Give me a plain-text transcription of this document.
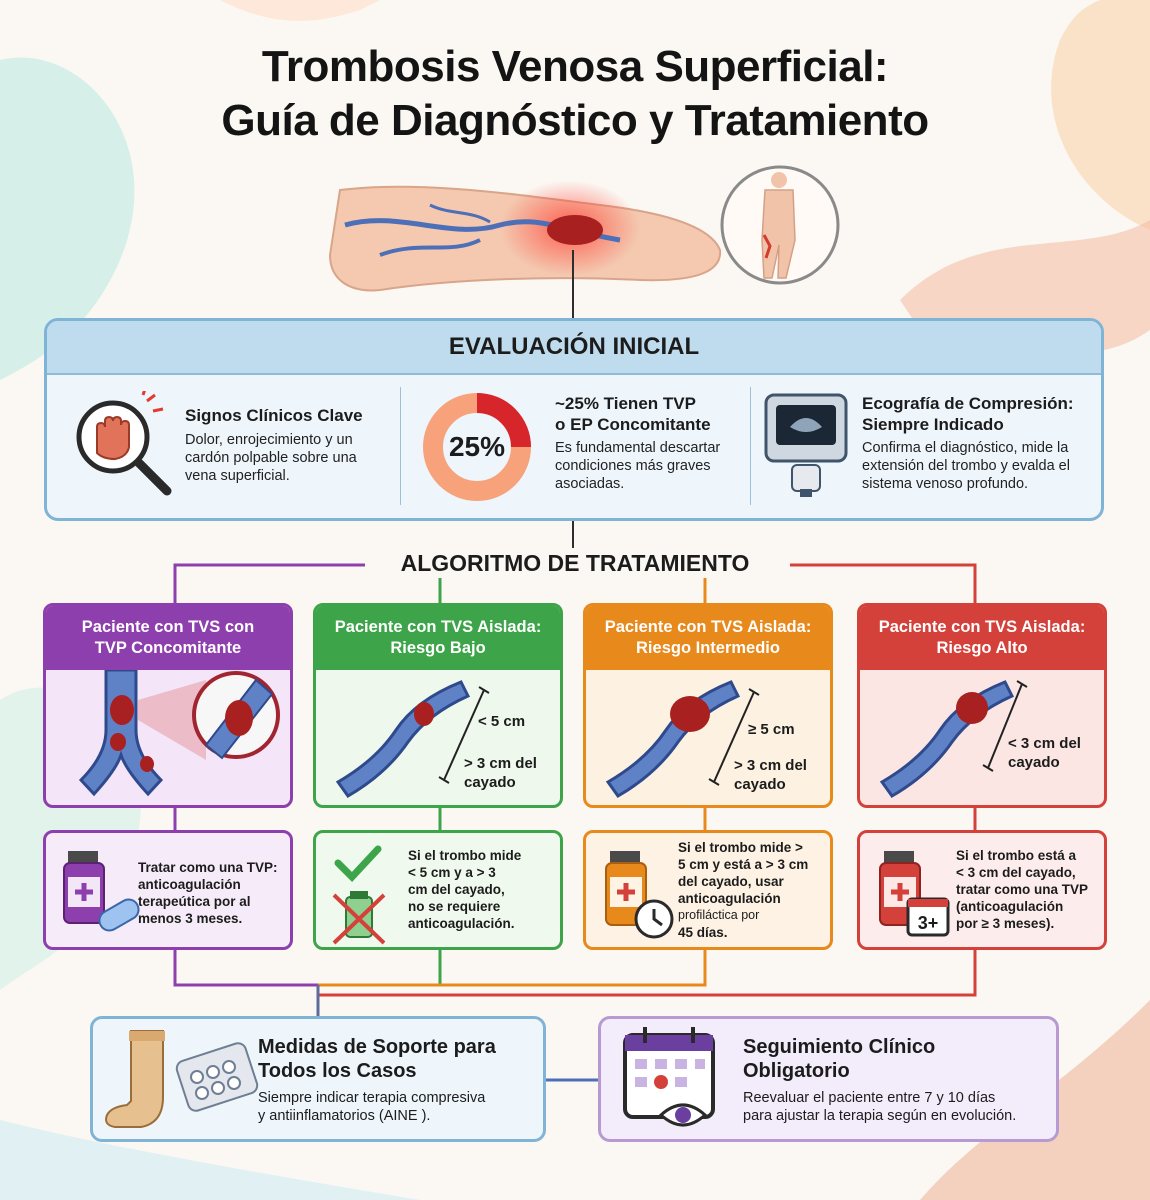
Trombosis Venosa Superficial:
Guía de Diagnóstico y Tratamiento
EVALUACIÓN INICIAL
Signos Clínicos Clave
Dolor, enrojecimiento y un
cardón polpable sobre una
vena superficial.
25%
~25% Tienen TVP
o EP Concomitante
Es fundamental descartar
condiciones más graves
asociadas.
Ecografía de Compresión:
Siempre Indicado
Confirma el diagnóstico, mide la
extensión del trombo y evalda el
sistema venoso profundo.
ALGORITMO DE TRATAMIENTO
Paciente con TVS con
TVP Concomitante
Paciente con TVS Aislada:
Riesgo Bajo
< 5 cm
> 3 cm del
cayado
Paciente con TVS Aislada:
Riesgo Intermedio
≥ 5 cm
> 3 cm del
cayado
Paciente con TVS Aislada:
Riesgo Alto
< 3 cm del
cayado
Tratar como una TVP:
anticoagulación
terapeútica por al
menos 3 meses.
Si el trombo mide
< 5 cm y a > 3
cm del cayado,
no se requiere
anticoagulación.
Si el trombo mide >
5 cm y está a > 3 cm
del cayado, usar
anticoagulación
profiláctica por
45 días.	3+
Si el trombo está a
< 3 cm del cayado,
tratar como una TVP
(anticoagulación
por ≥ 3 meses).
Medidas de Soporte para
Todos los Casos
Siempre indicar terapia compresiva
y antiinflamatorios (AINE ).
Seguimiento Clínico
Obligatorio
Reevaluar el paciente entre 7 y 10 días
para ajustar la terapia según en evolución.
